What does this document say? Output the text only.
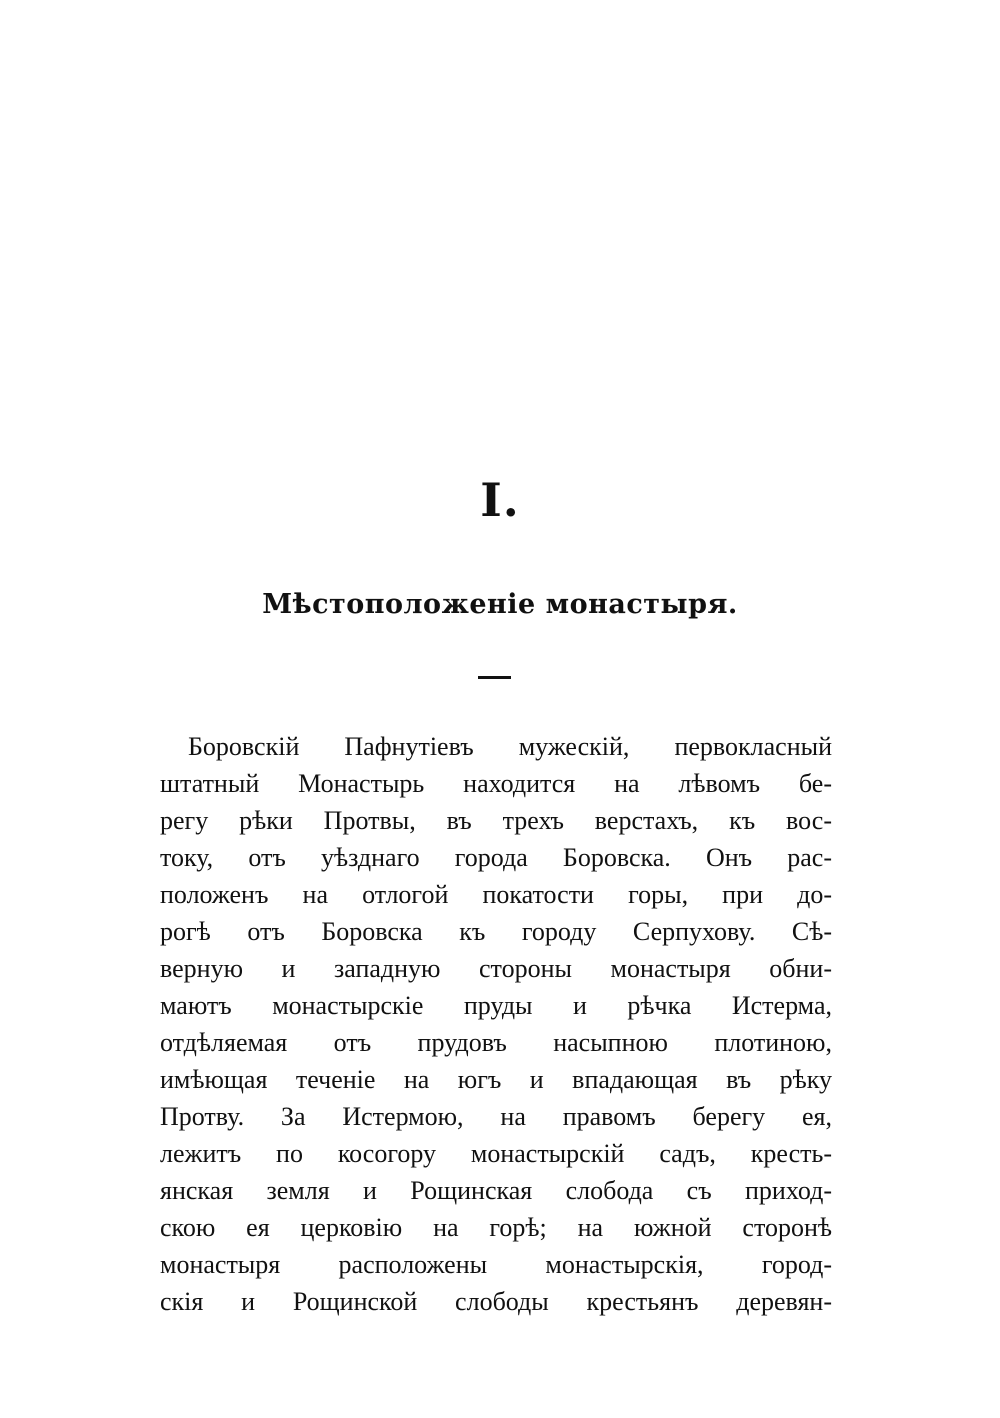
I.
Мѣстоположеніе монастыря.
Боровскій Пафнутіевъ мужескій, первокласный
штатный Монастырь находится на лѣвомъ бе-
регу рѣки Протвы, въ трехъ верстахъ, къ вос-
току, отъ уѣзднаго города Боровска. Онъ рас-
положенъ на отлогой покатости горы, при до-
рогѣ отъ Боровска къ городу Серпухову. Сѣ-
верную и западную стороны монастыря обни-
маютъ монастырскіе пруды и рѣчка Истерма,
отдѣляемая отъ прудовъ насыпною плотиною,
имѣющая теченіе на югъ и впадающая въ рѣку
Протву. За Истермою, на правомъ берегу ея,
лежитъ по косогору монастырскій садъ, кресть-
янская земля и Рощинская слобода съ приход-
скою ея церковію на горѣ; на южной сторонѣ
монастыря расположены монастырскія, город-
скія и Рощинской слободы крестьянъ деревян-
